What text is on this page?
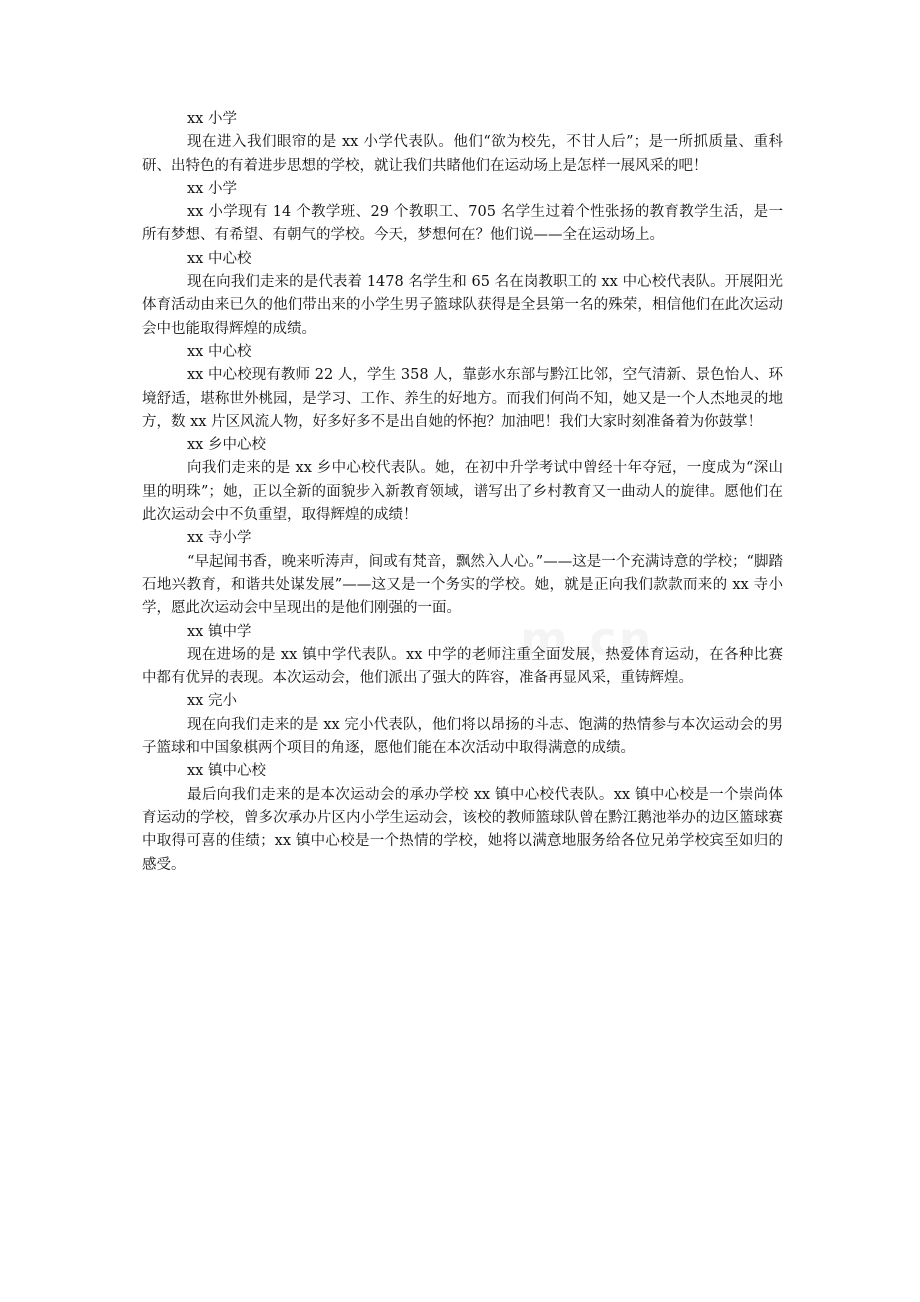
xx 小学

现在进入我们眼帘的是 xx 小学代表队。他们“欲为校先，不甘人后”；是一所抓质量、重科研、出特色的有着进步思想的学校，就让我们共睹他们在运动场上是怎样一展风采的吧！

xx 小学

xx 小学现有 14 个教学班、29 个教职工、705 名学生过着个性张扬的教育教学生活，是一所有梦想、有希望、有朝气的学校。今天，梦想何在？他们说——全在运动场上。

xx 中心校

现在向我们走来的是代表着 1478 名学生和 65 名在岗教职工的 xx 中心校代表队。开展阳光体育活动由来已久的他们带出来的小学生男子篮球队获得是全县第一名的殊荣，相信他们在此次运动会中也能取得辉煌的成绩。

xx 中心校

xx 中心校现有教师 22 人，学生 358 人，靠彭水东部与黔江比邻，空气清新、景色怡人、环境舒适，堪称世外桃园，是学习、工作、养生的好地方。而我们何尚不知，她又是一个人杰地灵的地方，数 xx 片区风流人物，好多好多不是出自她的怀抱？加油吧！我们大家时刻准备着为你鼓掌！

xx 乡中心校

向我们走来的是 xx 乡中心校代表队。她，在初中升学考试中曾经十年夺冠，一度成为“深山里的明珠”；她，正以全新的面貌步入新教育领域，谱写出了乡村教育又一曲动人的旋律。愿他们在此次运动会中不负重望，取得辉煌的成绩！

xx 寺小学

“早起闻书香，晚来听涛声，间或有梵音，飘然入人心。”——这是一个充满诗意的学校；“脚踏石地兴教育，和谐共处谋发展”——这又是一个务实的学校。她，就是正向我们款款而来的 xx 寺小学，愿此次运动会中呈现出的是他们刚强的一面。

xx 镇中学

现在进场的是 xx 镇中学代表队。xx 中学的老师注重全面发展，热爱体育运动，在各种比赛中都有优异的表现。本次运动会，他们派出了强大的阵容，准备再显风采，重铸辉煌。

xx 完小

现在向我们走来的是 xx 完小代表队，他们将以昂扬的斗志、饱满的热情参与本次运动会的男子篮球和中国象棋两个项目的角逐，愿他们能在本次活动中取得满意的成绩。

xx 镇中心校

最后向我们走来的是本次运动会的承办学校 xx 镇中心校代表队。xx 镇中心校是一个崇尚体育运动的学校，曾多次承办片区内小学生运动会，该校的教师篮球队曾在黔江鹅池举办的边区篮球赛中取得可喜的佳绩；xx 镇中心校是一个热情的学校，她将以满意地服务给各位兄弟学校宾至如归的感受。
